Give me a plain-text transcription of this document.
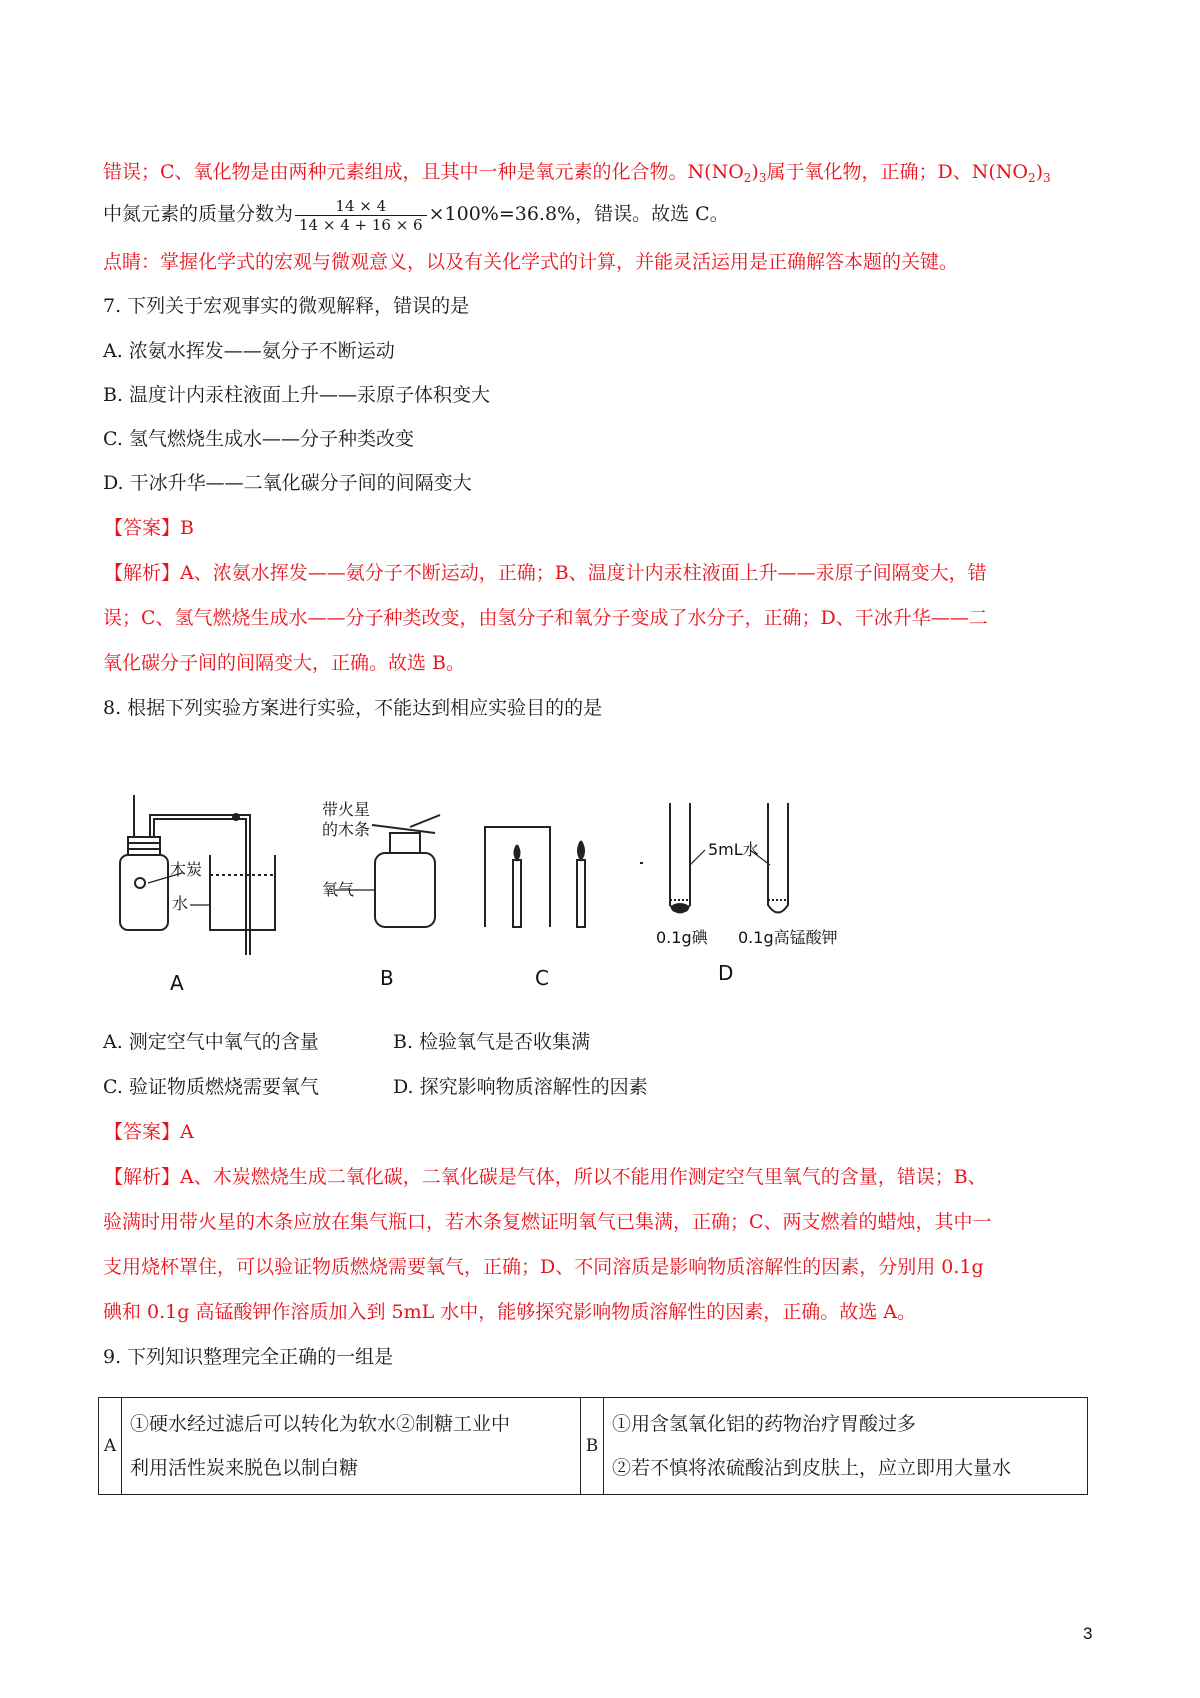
错误；C、氧化物是由两种元素组成，且其中一种是氧元素的化合物。$N(NO_2)_3$属于氧化物，正确；D、$N(NO_2)_3$
中氮元素的质量分数为 $\frac{14 \times 4}{14 \times 4 + 16 \times 6} \times 100\%=36.8\%$，错误。故选 C。
点睛：掌握化学式的宏观与微观意义，以及有关化学式的计算，并能灵活运用是正确解答本题的关键。
7. 下列关于宏观事实的微观解释，错误的是
A. 浓氨水挥发——氨分子不断运动
B. 温度计内汞柱液面上升——汞原子体积变大
C. 氢气燃烧生成水——分子种类改变
D. 干冰升华——二氧化碳分子间的间隔变大
【答案】B
【解析】A、浓氨水挥发——氨分子不断运动，正确；B、温度计内汞柱液面上升——汞原子间隔变大，错
误；C、氢气燃烧生成水——分子种类改变，由氢分子和氧分子变成了水分子，正确；D、干冰升华——二
氧化碳分子间的间隔变大，正确。故选 B。
8. 根据下列实验方案进行实验，不能达到相应实验目的的是
木炭
水
带火星
的木条
氧气
5mL水
0.1g碘 0.1g高锰酸钾
A	B	C	D
A. 测定空气中氧气的含量	B. 检验氧气是否收集满
C. 验证物质燃烧需要氧气	D. 探究影响物质溶解性的因素
【答案】A
【解析】A、木炭燃烧生成二氧化碳，二氧化碳是气体，所以不能用作测定空气里氧气的含量，错误；B、
验满时用带火星的木条应放在集气瓶口，若木条复燃证明氧气已集满，正确；C、两支燃着的蜡烛，其中一
支用烧杯罩住，可以验证物质燃烧需要氧气，正确；D、不同溶质是影响物质溶解性的因素，分别用 0.1g
碘和 0.1g 高锰酸钾作溶质加入到 5mL 水中，能够探究影响物质溶解性的因素，正确。故选 A。
9. 下列知识整理完全正确的一组是
A	
①硬水经过滤后可以转化为软水②制糖工业中
利用活性炭来脱色以制白糖
	B	
①用含氢氧化铝的药物治疗胃酸过多
②若不慎将浓硫酸沾到皮肤上，应立即用大量水
3
